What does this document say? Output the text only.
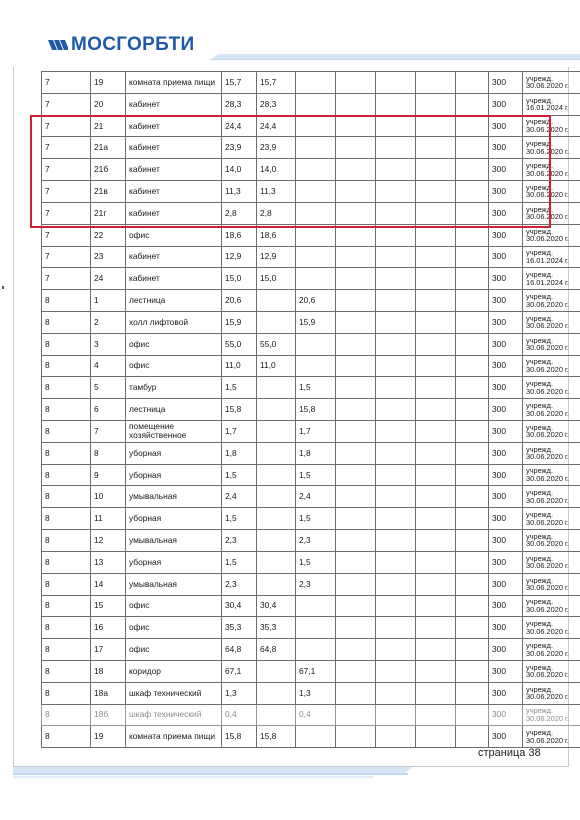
МОСГОРБТИ
7	19	комната приема пищи	15,7	15,7						300	учрежд. 30.06.2020 г.
7	20	кабинет	28,3	28,3						300	учрежд. 16.01.2024 г.
7	21	кабинет	24,4	24,4						300	учрежд. 30.06.2020 г.
7	21а	кабинет	23,9	23,9						300	учрежд. 30.06.2020 г.
7	21б	кабинет	14,0	14,0						300	учрежд. 30.06.2020 г.
7	21в	кабинет	11,3	11,3						300	учрежд. 30.06.2020 г.
7	21г	кабинет	2,8	2,8						300	учрежд. 30.06.2020 г.
7	22	офис	18,6	18,6						300	учрежд. 30.06.2020 г.
7	23	кабинет	12,9	12,9						300	учрежд. 16.01.2024 г.
7	24	кабинет	15,0	15,0						300	учрежд. 16.01.2024 г.
8	1	лестница	20,6		20,6					300	учрежд. 30.06.2020 г.
8	2	холл лифтовой	15,9		15,9					300	учрежд. 30.06.2020 г.
8	3	офис	55,0	55,0						300	учрежд. 30.06.2020 г.
8	4	офис	11,0	11,0						300	учрежд. 30.06.2020 г.
8	5	тамбур	1,5		1,5					300	учрежд. 30.06.2020 г.
8	6	лестница	15,8		15,8					300	учрежд. 30.06.2020 г.
8	7	помещение хозяйственное	1,7		1,7					300	учрежд. 30.06.2020 г.
8	8	уборная	1,8		1,8					300	учрежд. 30.06.2020 г.
8	9	уборная	1,5		1,5					300	учрежд. 30.06.2020 г.
8	10	умывальная	2,4		2,4					300	учрежд. 30.06.2020 г.
8	11	уборная	1,5		1,5					300	учрежд. 30.06.2020 г.
8	12	умывальная	2,3		2,3					300	учрежд. 30.06.2020 г.
8	13	уборная	1,5		1,5					300	учрежд. 30.06.2020 г.
8	14	умывальная	2,3		2,3					300	учрежд. 30.06.2020 г.
8	15	офис	30,4	30,4						300	учрежд. 30.06.2020 г.
8	16	офис	35,3	35,3						300	учрежд. 30.06.2020 г.
8	17	офис	64,8	64,8						300	учрежд. 30.06.2020 г.
8	18	коридор	67,1		67,1					300	учрежд. 30.06.2020 г.
8	18а	шкаф технический	1,3		1,3					300	учрежд. 30.06.2020 г.
8	18б	шкаф технический	0,4		0,4					300	учрежд. 30.06.2020 г.
8	19	комната приема пищи	15,8	15,8						300	учрежд. 30.06.2020 г.
страница 38
